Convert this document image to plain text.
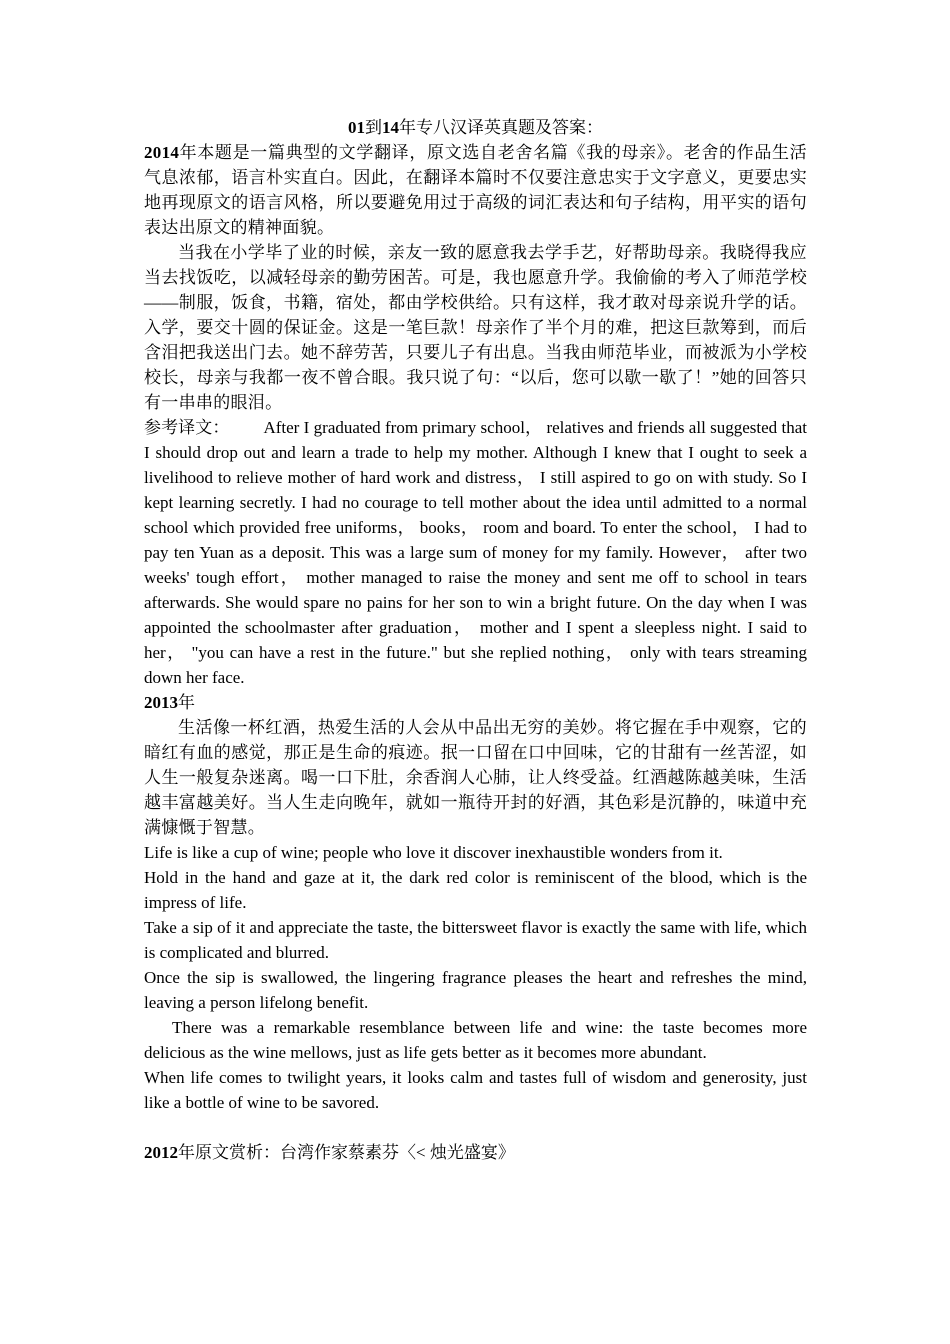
01到14年专八汉译英真题及答案：

2014年本题是一篇典型的文学翻译，原文选自老舍名篇《我的母亲》。老舍的作品生活气息浓郁，语言朴实直白。因此，在翻译本篇时不仅要注意忠实于文字意义，更要忠实地再现原文的语言风格，所以要避免用过于高级的词汇表达和句子结构，用平实的语句表达出原文的精神面貌。

当我在小学毕了业的时候，亲友一致的愿意我去学手艺，好帮助母亲。我晓得我应当去找饭吃，以减轻母亲的勤劳困苦。可是，我也愿意升学。我偷偷的考入了师范学校——制服，饭食，书籍，宿处，都由学校供给。只有这样，我才敢对母亲说升学的话。入学，要交十圆的保证金。这是一笔巨款！母亲作了半个月的难，把这巨款筹到，而后含泪把我送出门去。她不辞劳苦，只要儿子有出息。当我由师范毕业，而被派为小学校校长，母亲与我都一夜不曾合眼。我只说了句：“以后，您可以歇一歇了！”她的回答只有一串串的眼泪。

参考译文： After I graduated from primary school， relatives and friends all suggested that I should drop out and learn a trade to help my mother. Although I knew that I ought to seek a livelihood to relieve mother of hard work and distress， I still aspired to go on with study. So I kept learning secretly. I had no courage to tell mother about the idea until admitted to a normal school which provided free uniforms， books， room and board. To enter the school， I had to pay ten Yuan as a deposit. This was a large sum of money for my family. However， after two weeks' tough effort， mother managed to raise the money and sent me off to school in tears afterwards. She would spare no pains for her son to win a bright future. On the day when I was appointed the schoolmaster after graduation， mother and I spent a sleepless night. I said to her， "you can have a rest in the future." but she replied nothing， only with tears streaming down her face.

2013年

生活像一杯红酒，热爱生活的人会从中品出无穷的美妙。将它握在手中观察，它的暗红有血的感觉，那正是生命的痕迹。抿一口留在口中回味，它的甘甜有一丝苦涩，如人生一般复杂迷离。喝一口下肚，余香润人心肺，让人终受益。红酒越陈越美味，生活越丰富越美好。当人生走向晚年，就如一瓶待开封的好酒，其色彩是沉静的，味道中充满慷慨于智慧。

Life is like a cup of wine; people who love it discover inexhaustible wonders from it.

Hold in the hand and gaze at it, the dark red color is reminiscent of the blood, which is the impress of life.

Take a sip of it and appreciate the taste, the bittersweet flavor is exactly the same with life, which is complicated and blurred.

Once the sip is swallowed, the lingering fragrance pleases the heart and refreshes the mind, leaving a person lifelong benefit.

There was a remarkable resemblance between life and wine: the taste becomes more delicious as the wine mellows, just as life gets better as it becomes more abundant.

When life comes to twilight years, it looks calm and tastes full of wisdom and generosity, just like a bottle of wine to be savored.

2012年原文赏析：台湾作家蔡素芬〈< 烛光盛宴》
